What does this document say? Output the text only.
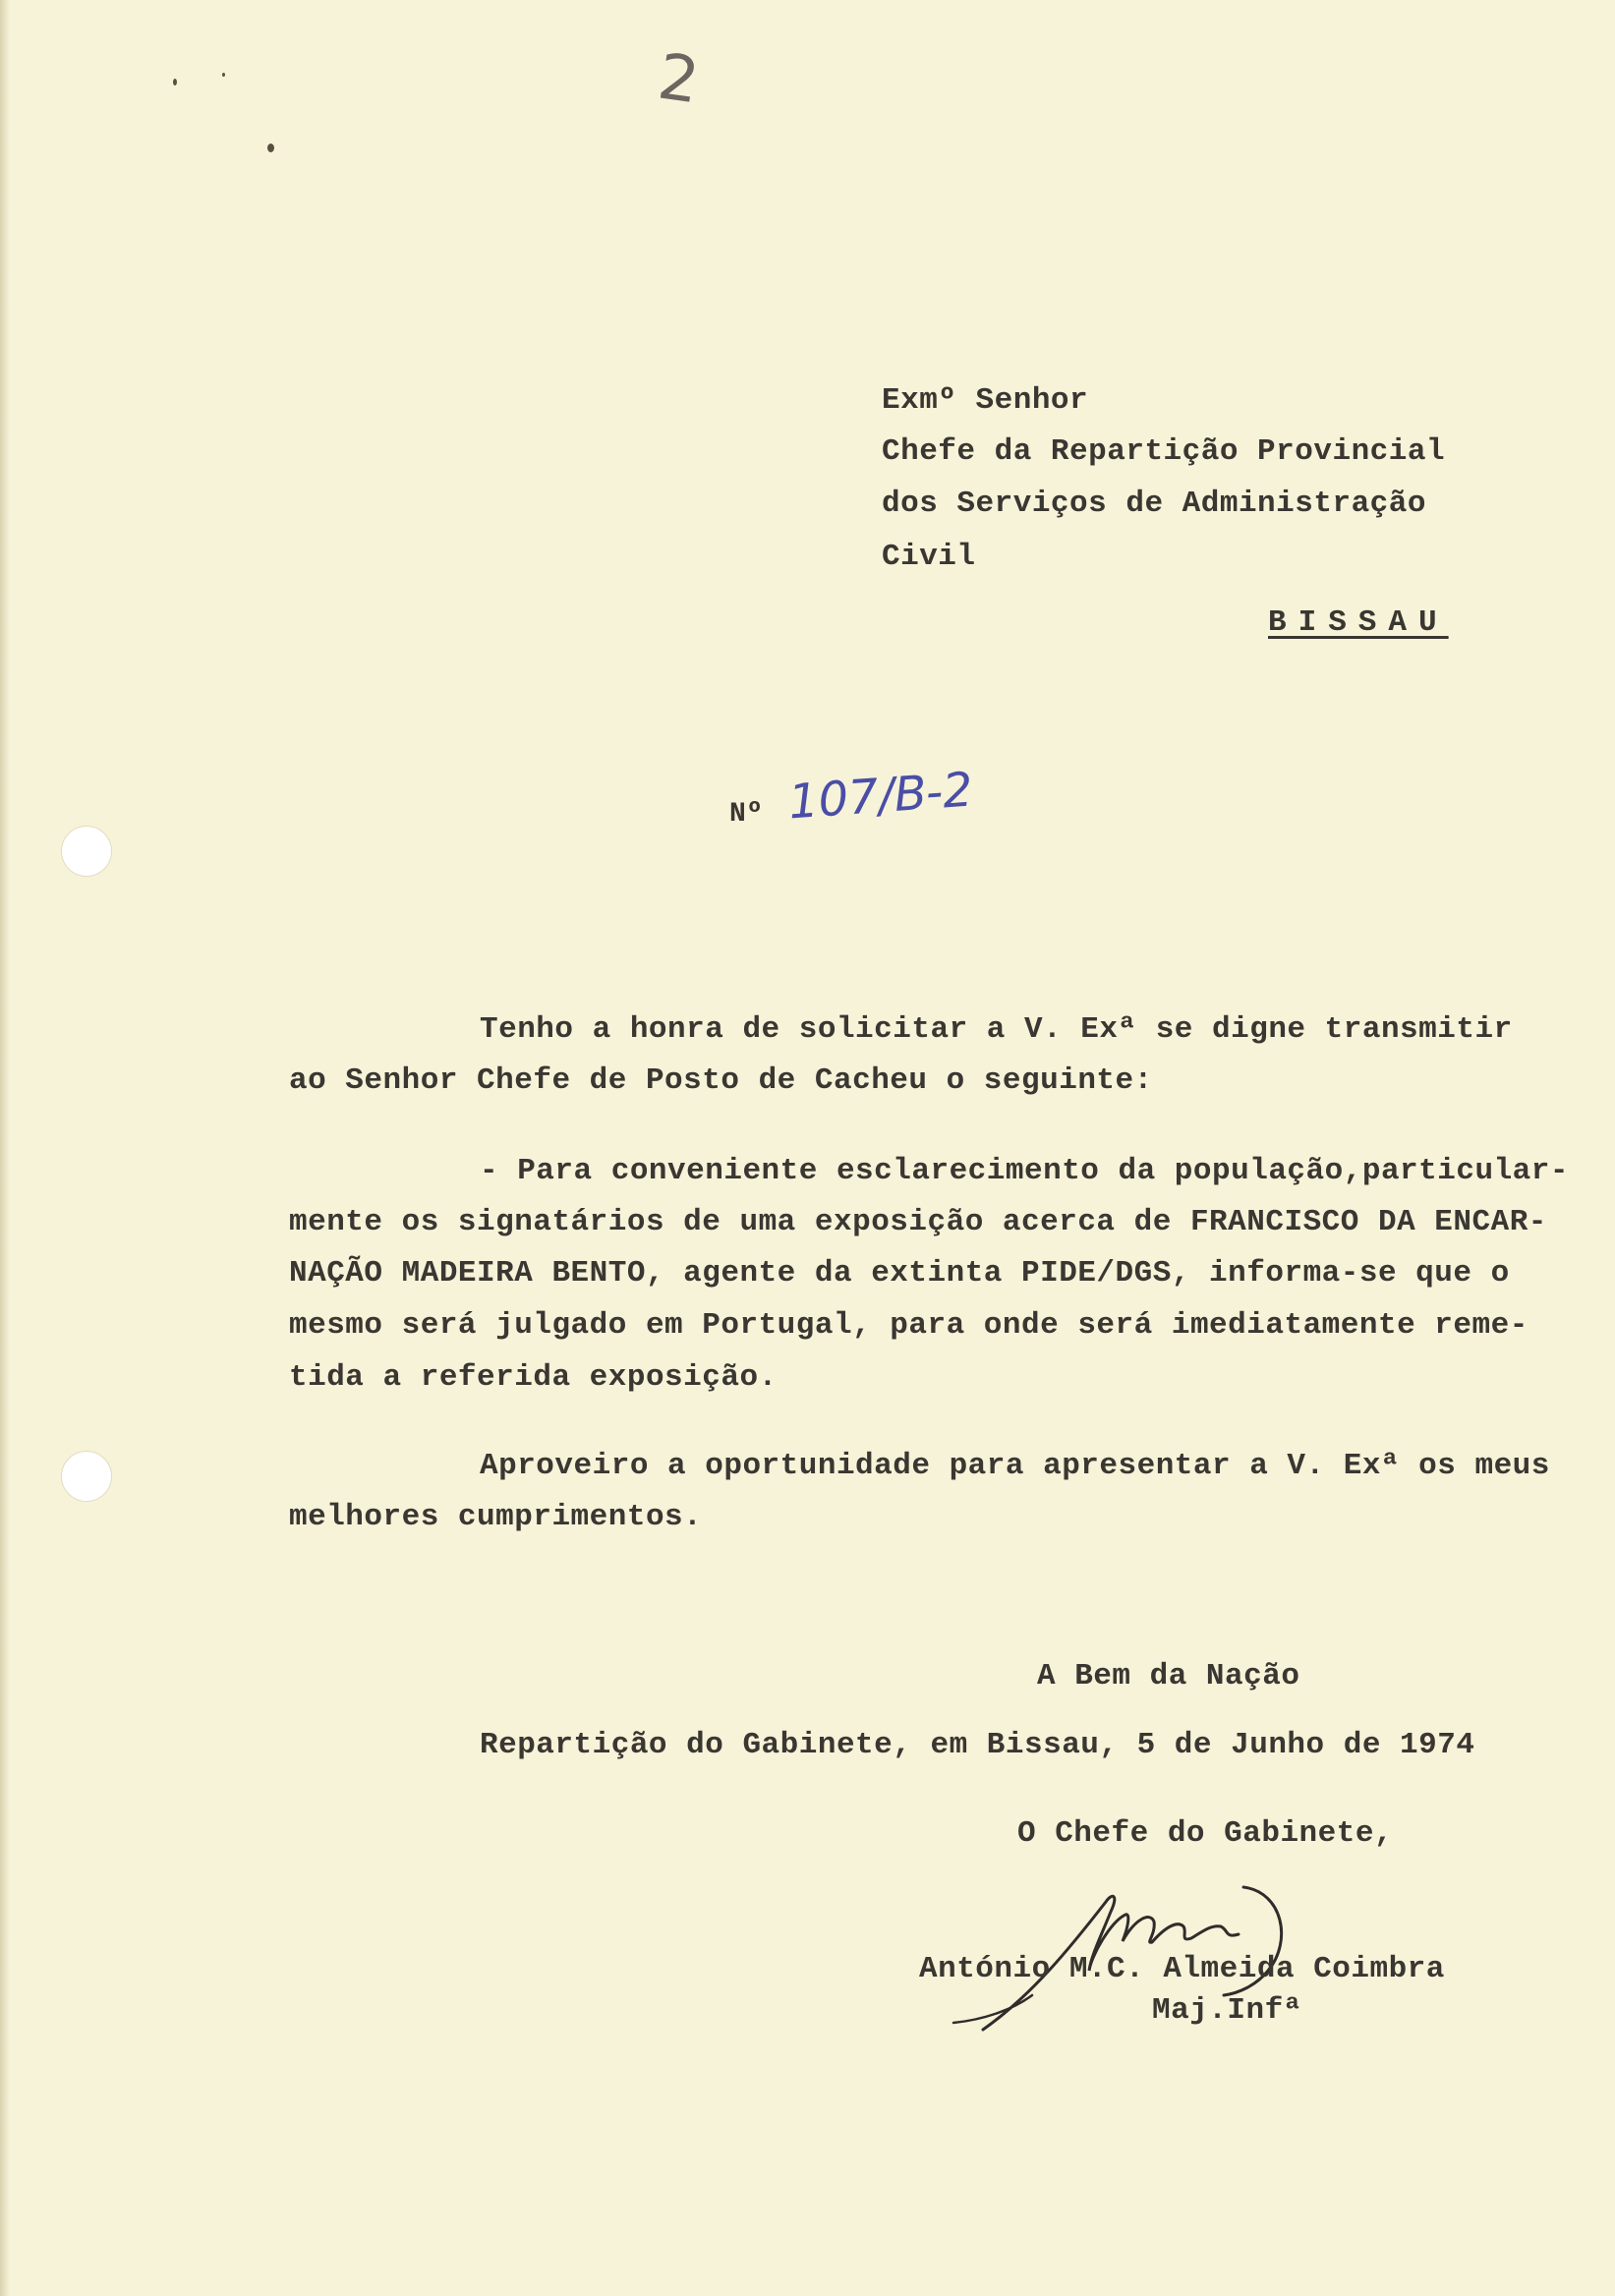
2
Exmº Senhor
Chefe da Repartição Provincial
dos Serviços de Administração
Civil
BISSAU
Nº 107/B-2
Tenho a honra de solicitar a V. Exª se digne transmitir
ao Senhor Chefe de Posto de Cacheu o seguinte:
- Para conveniente esclarecimento da população,particular-
mente os signatários de uma exposição acerca de FRANCISCO DA ENCAR-
NAÇÃO MADEIRA BENTO, agente da extinta PIDE/DGS, informa-se que o
mesmo será julgado em Portugal, para onde será imediatamente reme-
tida a referida exposição.
Aproveiro a oportunidade para apresentar a V. Exª os meus
melhores cumprimentos.
A Bem da Nação
Repartição do Gabinete, em Bissau, 5 de Junho de 1974
O Chefe do Gabinete,
António M.C. Almeida Coimbra
Maj.Infª
